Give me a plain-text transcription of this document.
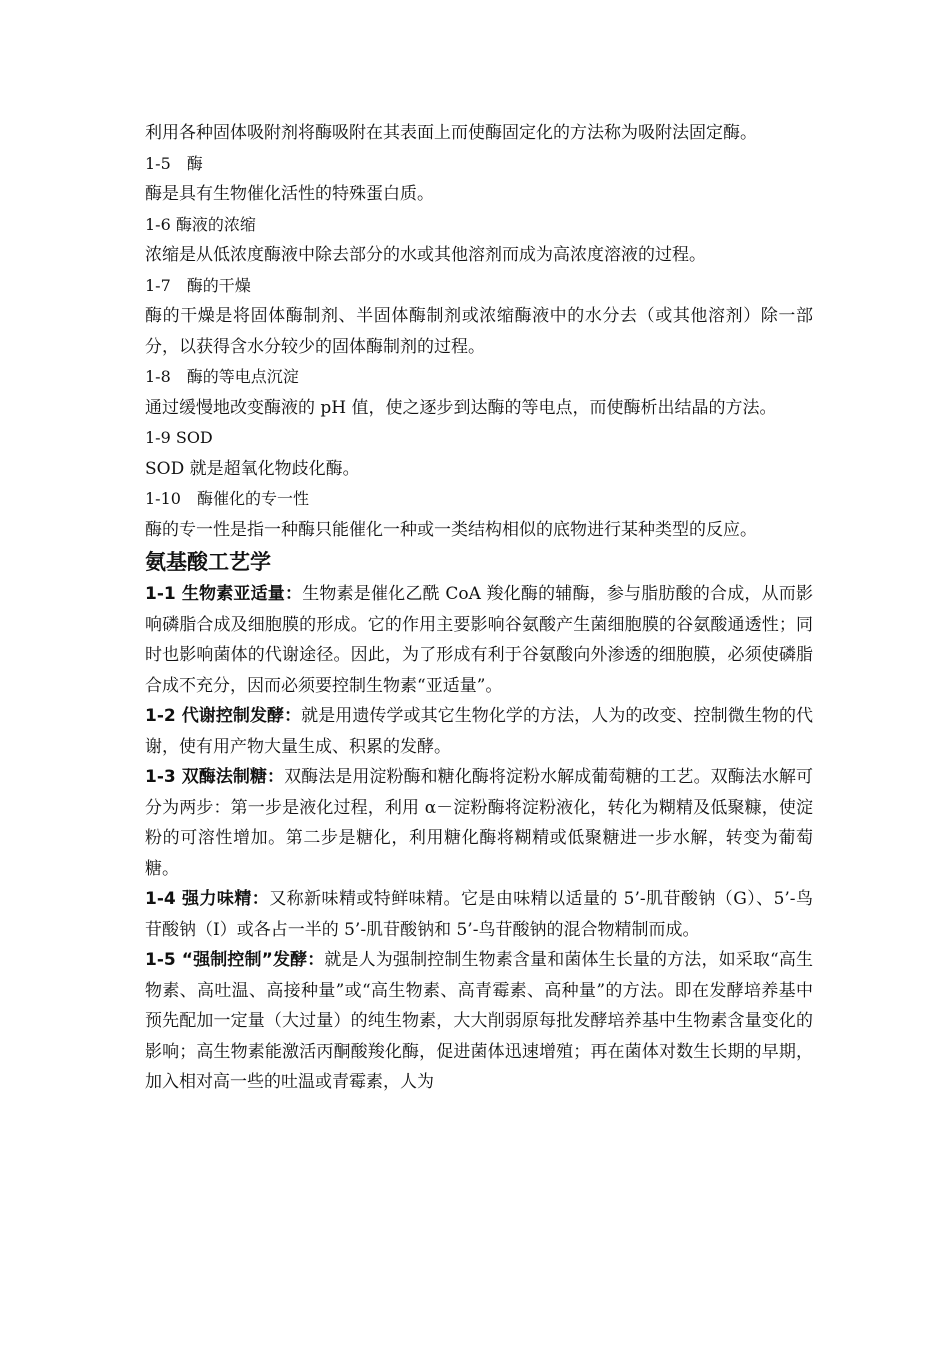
利用各种固体吸附剂将酶吸附在其表面上而使酶固定化的方法称为吸附法固定酶。

1-5　酶

酶是具有生物催化活性的特殊蛋白质。

1-6 酶液的浓缩

浓缩是从低浓度酶液中除去部分的水或其他溶剂而成为高浓度溶液的过程。

1-7　酶的干燥

酶的干燥是将固体酶制剂、半固体酶制剂或浓缩酶液中的水分去（或其他溶剂）除一部分，以获得含水分较少的固体酶制剂的过程。

1-8　酶的等电点沉淀

通过缓慢地改变酶液的 pH 值，使之逐步到达酶的等电点，而使酶析出结晶的方法。

1-9 SOD

SOD 就是超氧化物歧化酶。

1-10　酶催化的专一性

酶的专一性是指一种酶只能催化一种或一类结构相似的底物进行某种类型的反应。

氨基酸工艺学

1-1 生物素亚适量：生物素是催化乙酰 CoA 羧化酶的辅酶，参与脂肪酸的合成，从而影响磷脂合成及细胞膜的形成。它的作用主要影响谷氨酸产生菌细胞膜的谷氨酸通透性；同时也影响菌体的代谢途径。因此，为了形成有利于谷氨酸向外渗透的细胞膜，必须使磷脂合成不充分，因而必须要控制生物素“亚适量”。

1-2 代谢控制发酵：就是用遗传学或其它生物化学的方法，人为的改变、控制微生物的代谢，使有用产物大量生成、积累的发酵。

1-3 双酶法制糖：双酶法是用淀粉酶和糖化酶将淀粉水解成葡萄糖的工艺。双酶法水解可分为两步：第一步是液化过程，利用 α－淀粉酶将淀粉液化，转化为糊精及低聚糠，使淀粉的可溶性增加。第二步是糖化，利用糖化酶将糊精或低聚糖进一步水解，转变为葡萄糖。

1-4 强力味精：又称新味精或特鲜味精。它是由味精以适量的 5’-肌苷酸钠（G）、5’-鸟苷酸钠（I）或各占一半的 5’-肌苷酸钠和 5’-鸟苷酸钠的混合物精制而成。

1-5 “强制控制”发酵：就是人为强制控制生物素含量和菌体生长量的方法，如采取“高生物素、高吐温、高接种量”或“高生物素、高青霉素、高种量”的方法。即在发酵培养基中预先配加一定量（大过量）的纯生物素，大大削弱原每批发酵培养基中生物素含量变化的影响；高生物素能激活丙酮酸羧化酶，促进菌体迅速增殖；再在菌体对数生长期的早期，加入相对高一些的吐温或青霉素，人为
